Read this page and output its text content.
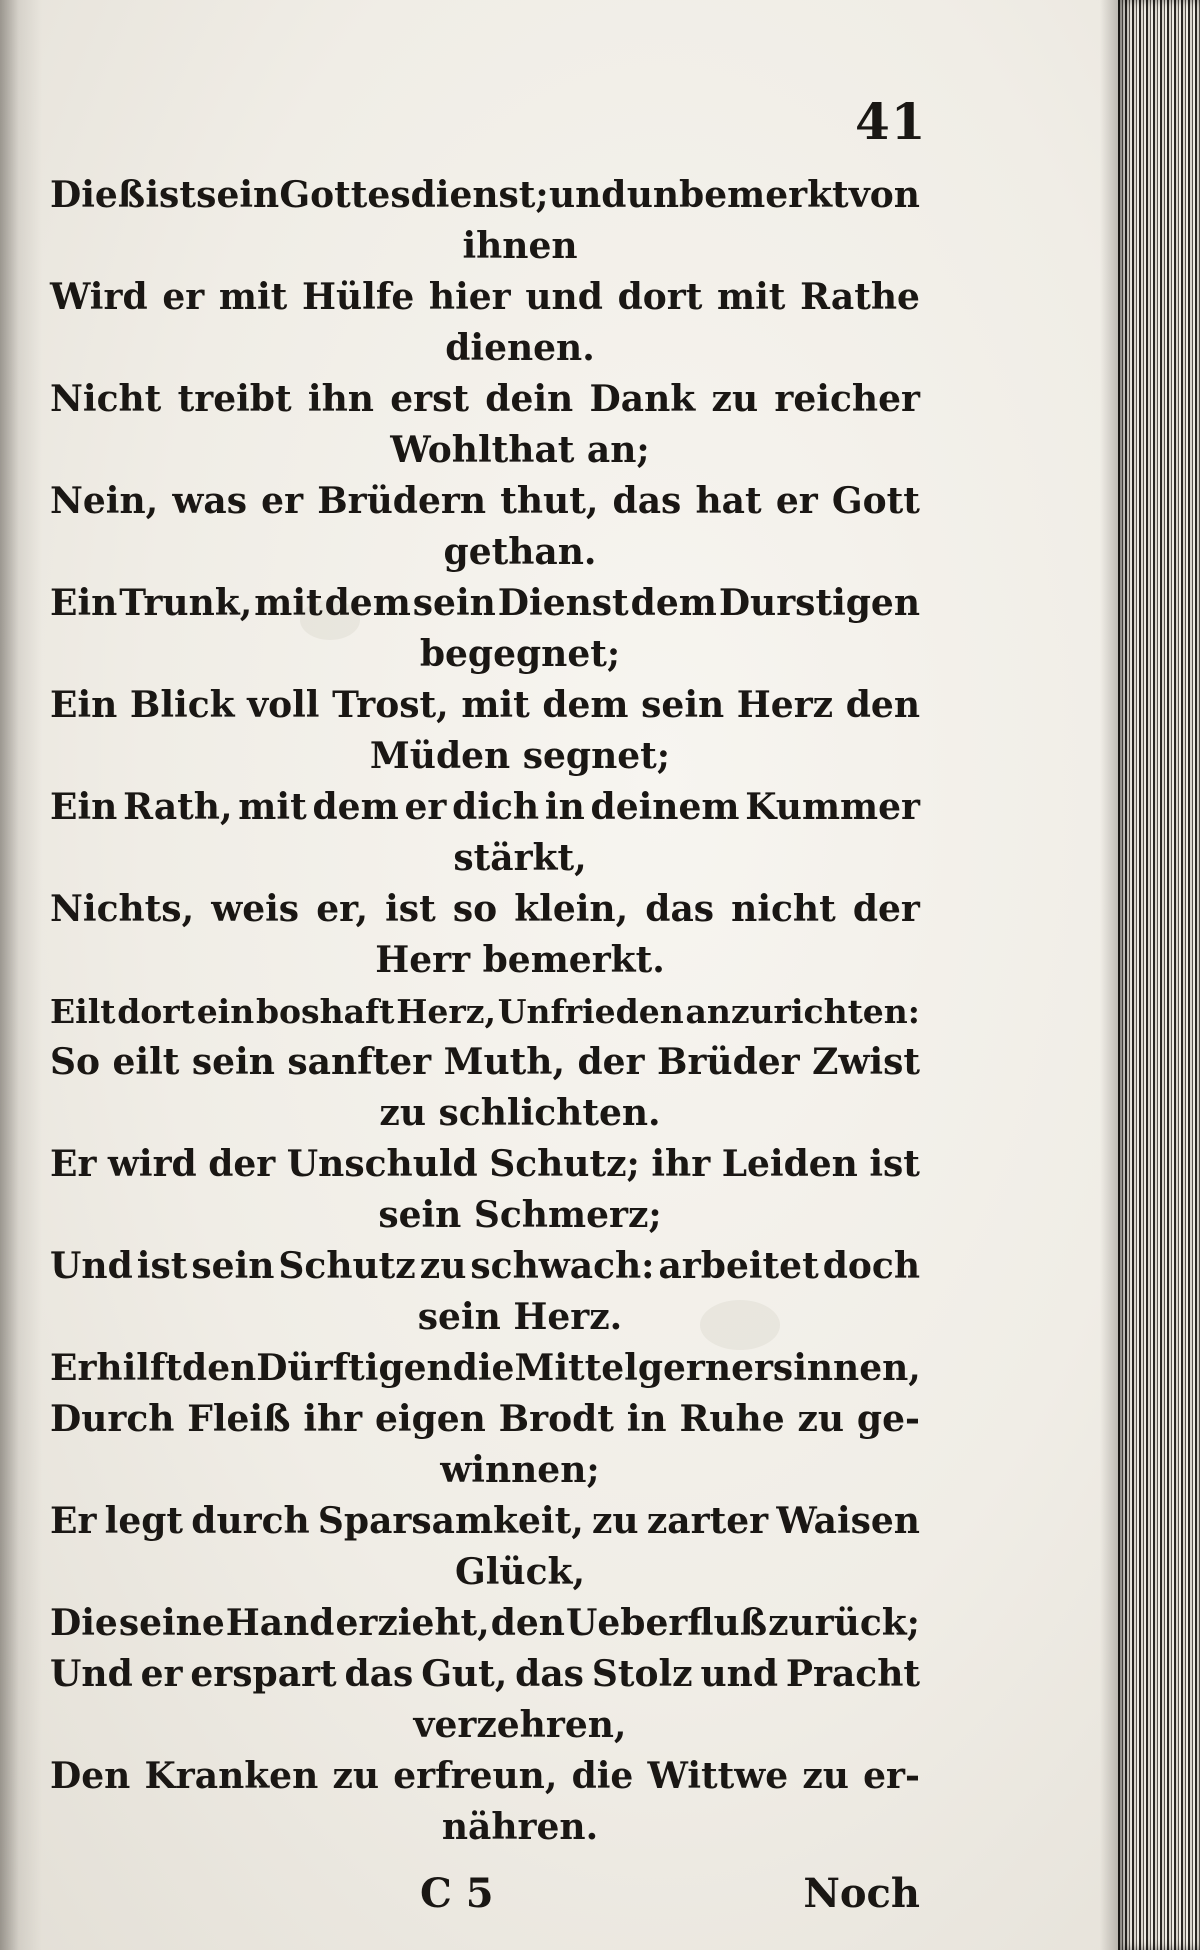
41
Dieß ist sein Gottesdienst; und unbemerkt von
ihnen
Wird er mit Hülfe hier und dort mit Rathe
dienen.
Nicht treibt ihn erst dein Dank zu reicher
Wohlthat an;
Nein, was er Brüdern thut, das hat er Gott
gethan.
Ein Trunk, mit dem sein Dienst dem Durstigen
begegnet;
Ein Blick voll Trost, mit dem sein Herz den
Müden segnet;
Ein Rath, mit dem er dich in deinem Kummer
stärkt,
Nichts, weis er, ist so klein, das nicht der
Herr bemerkt.
Eilt dort ein boshaft Herz, Unfrieden anzurichten:
So eilt sein sanfter Muth, der Brüder Zwist
zu schlichten.
Er wird der Unschuld Schutz; ihr Leiden ist
sein Schmerz;
Und ist sein Schutz zu schwach: arbeitet doch
sein Herz.
Er hilft den Dürftigen die Mittel gern ersinnen,
Durch Fleiß ihr eigen Brodt in Ruhe zu ge-
winnen;
Er legt durch Sparsamkeit, zu zarter Waisen
Glück,
Die seine Hand erzieht, den Ueberfluß zurück;
Und er erspart das Gut, das Stolz und Pracht
verzehren,
Den Kranken zu erfreun, die Wittwe zu er-
nähren.
C 5	Noch
